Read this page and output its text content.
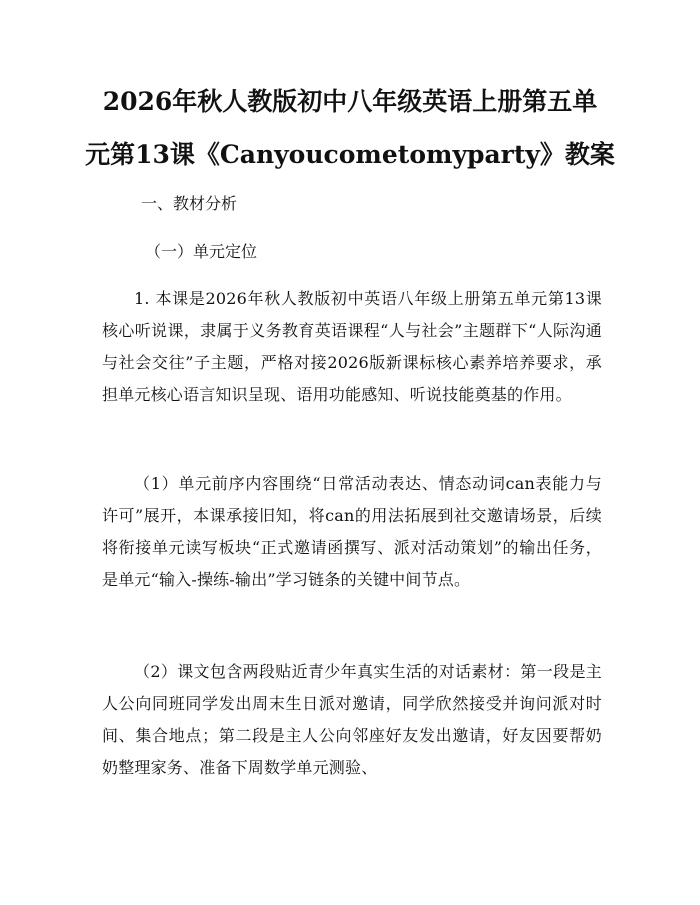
2026年秋人教版初中八年级英语上册第五单
元第13课《Canyoucometomyparty》教案
一、教材分析
（一）单元定位
1. 本课是2026年秋人教版初中英语八年级上册第五单元第13课核心听说课，隶属于义务教育英语课程“人与社会”主题群下“人际沟通与社会交往”子主题，严格对接2026版新课标核心素养培养要求，承担单元核心语言知识呈现、语用功能感知、听说技能奠基的作用。
（1）单元前序内容围绕“日常活动表达、情态动词can表能力与许可”展开，本课承接旧知，将can的用法拓展到社交邀请场景，后续将衔接单元读写板块“正式邀请函撰写、派对活动策划”的输出任务，是单元“输入-操练-输出”学习链条的关键中间节点。
（2）课文包含两段贴近青少年真实生活的对话素材：第一段是主人公向同班同学发出周末生日派对邀请，同学欣然接受并询问派对时间、集合地点；第二段是主人公向邻座好友发出邀请，好友因要帮奶奶整理家务、准备下周数学单元测验、
